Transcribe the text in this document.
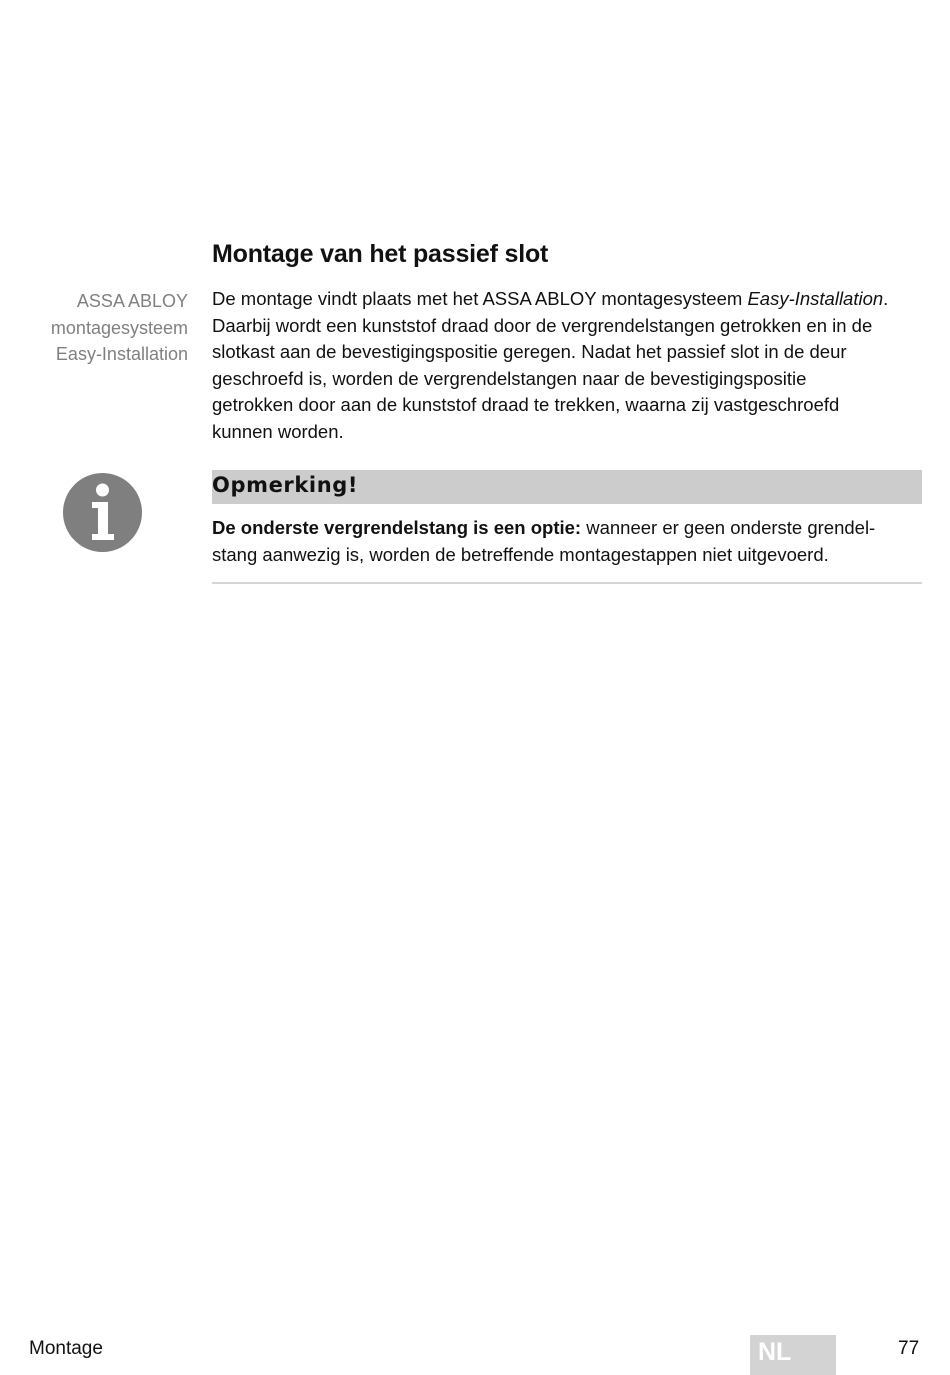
Montage van het passief slot
ASSA ABLOY
montagesysteem
Easy-Installation

De montage vindt plaats met het ASSA ABLOY montagesysteem Easy-Installation.
Daarbij wordt een kunststof draad door de vergrendelstangen getrokken en in de
slotkast aan de bevestigingspositie geregen. Nadat het passief slot in de deur
geschroefd is, worden de vergrendelstangen naar de bevestigingspositie
getrokken door aan de kunststof draad te trekken, waarna zij vastgeschroefd
kunnen worden.

Opmerking!
De onderste vergrendelstang is een optie: wanneer er geen onderste grendel-
stang aanwezig is, worden de betreffende montagestappen niet uitgevoerd.
Montage	NL	77
